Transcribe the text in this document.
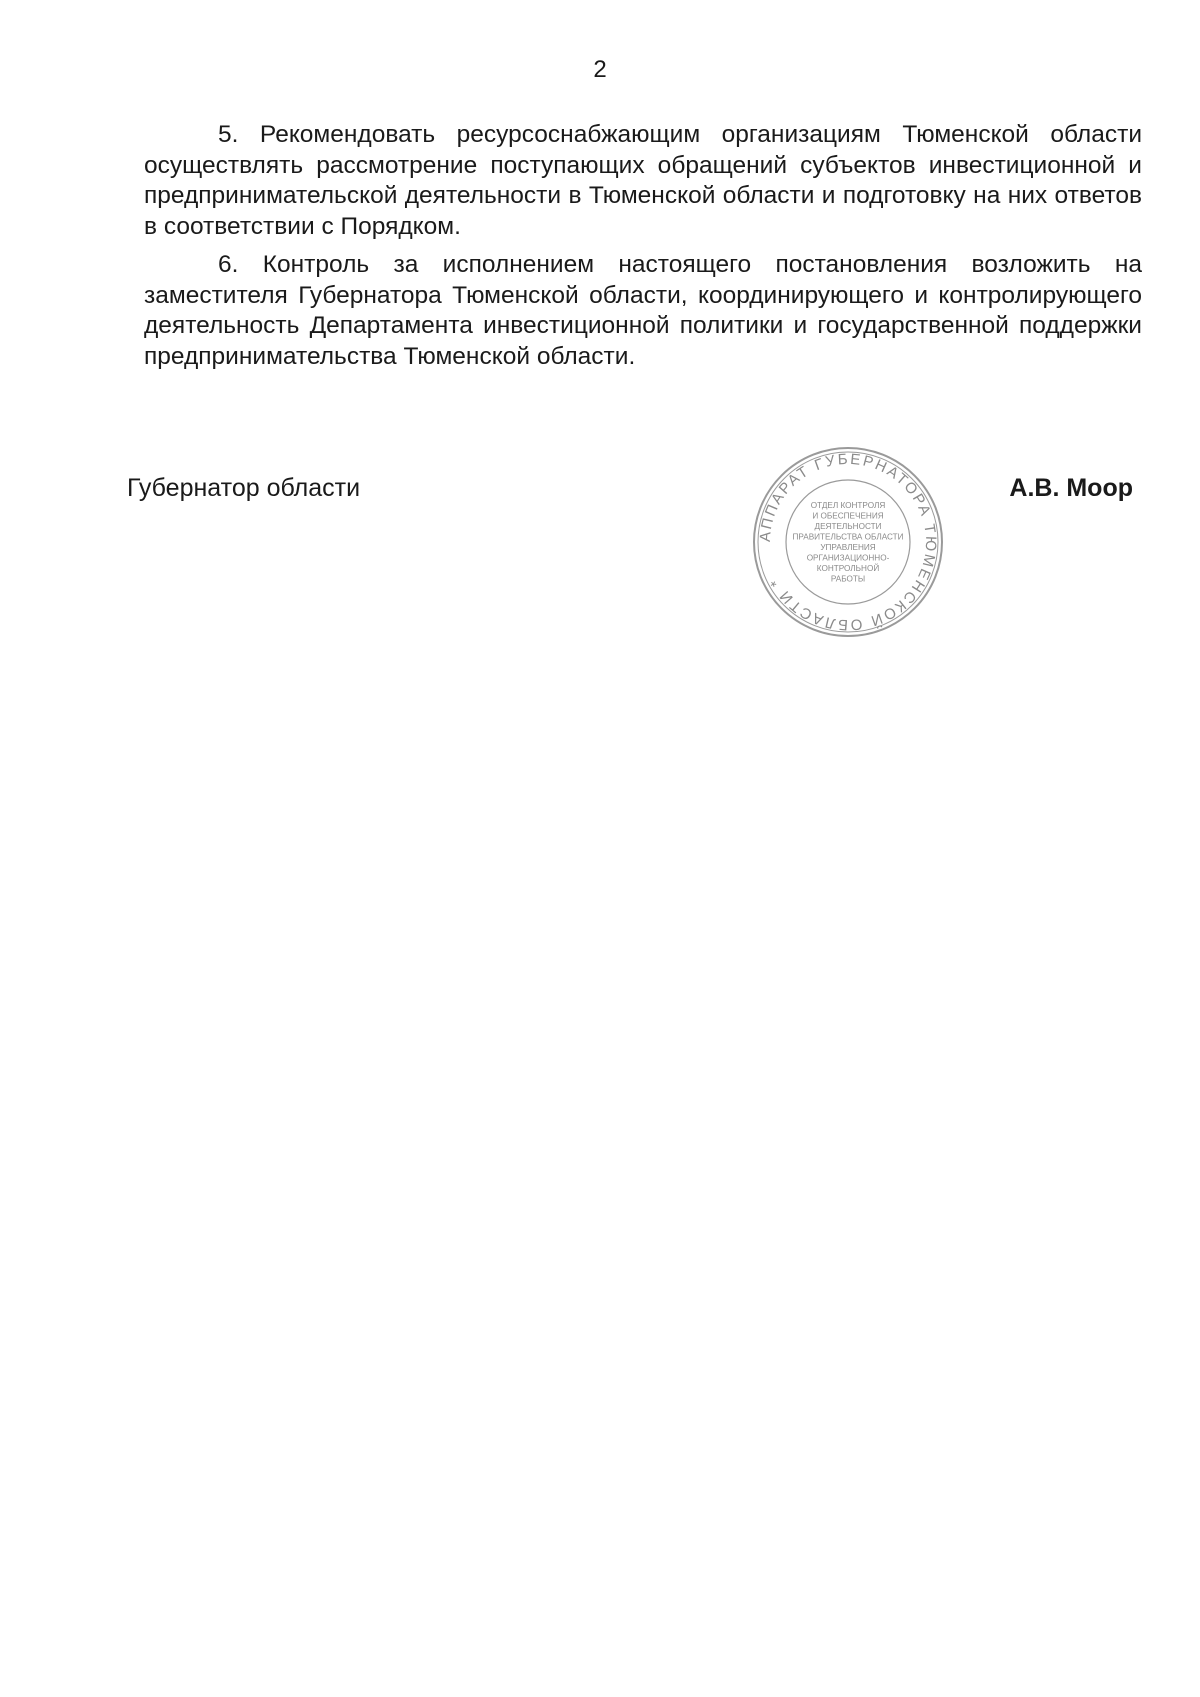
2

5. Рекомендовать ресурсоснабжающим организациям Тюменской области осуществлять рассмотрение поступающих обращений субъектов инвестиционной и предпринимательской деятельности в Тюменской области и подготовку на них ответов в соответствии с Порядком.

6. Контроль за исполнением настоящего постановления возложить на заместителя Губернатора Тюменской области, координирующего и контролирующего деятельность Департамента инвестиционной политики и государственной поддержки предпринимательства Тюменской области.

Губернатор области	А.В. Моор
АППАРАТ ГУБЕРНАТОРА ТЮМЕНСКОЙ ОБЛАСТИ *
ОТДЕЛ КОНТРОЛЯ
И ОБЕСПЕЧЕНИЯ
ДЕЯТЕЛЬНОСТИ
ПРАВИТЕЛЬСТВА ОБЛАСТИ
УПРАВЛЕНИЯ
ОРГАНИЗАЦИОННО-
КОНТРОЛЬНОЙ
РАБОТЫ
